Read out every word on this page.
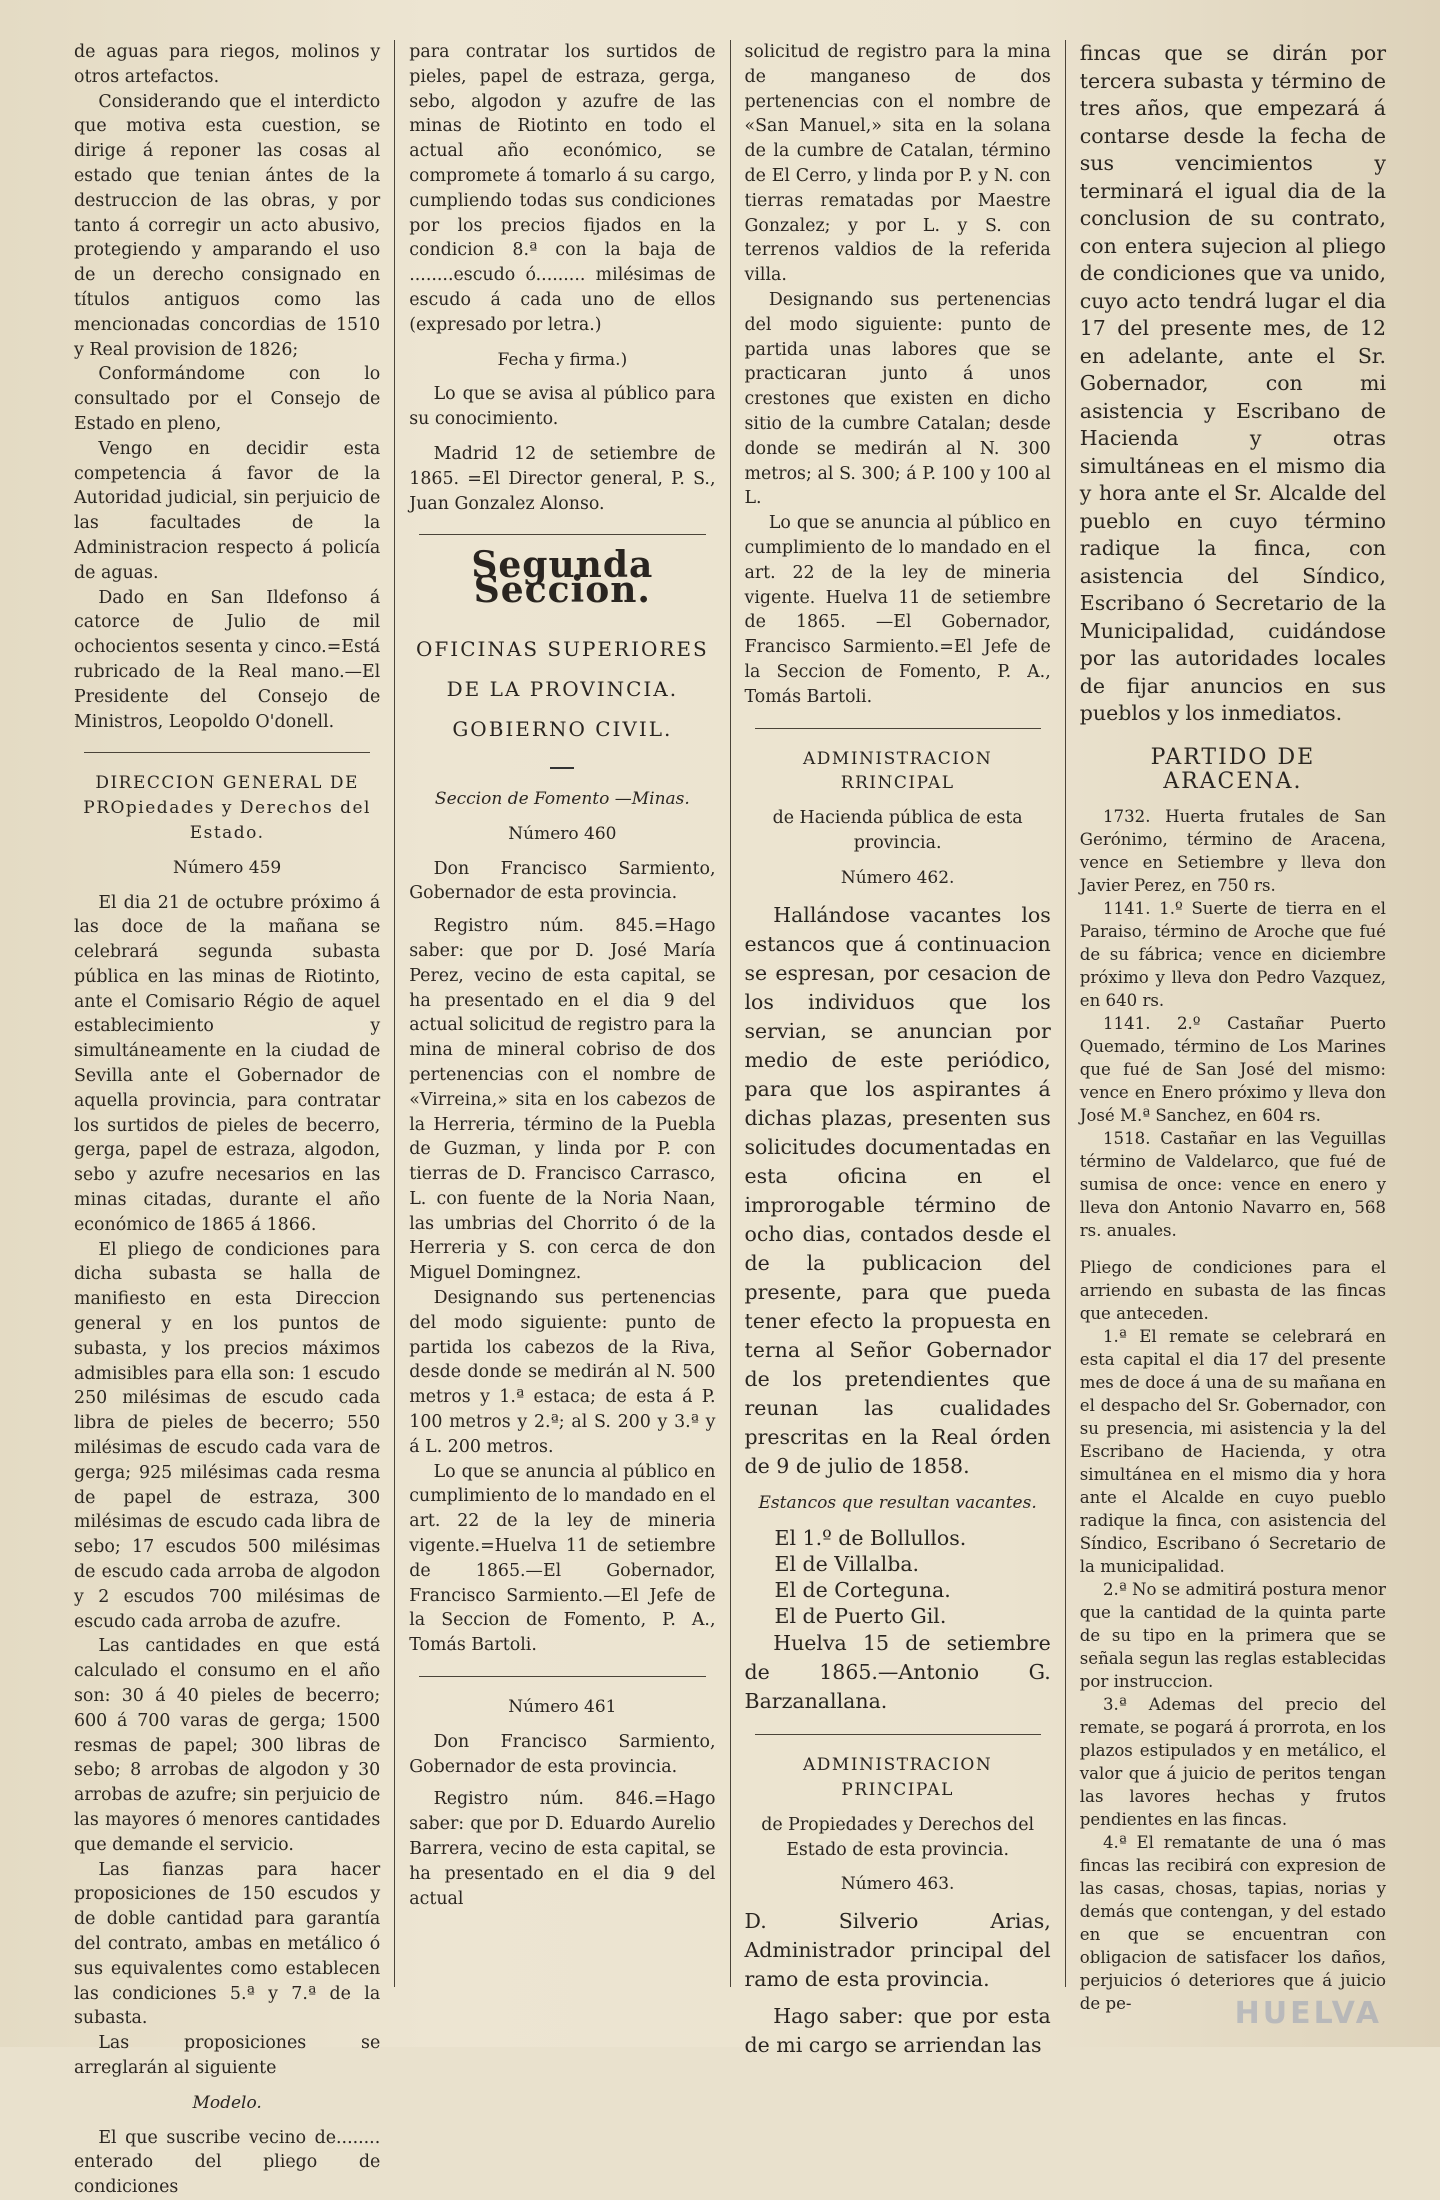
de aguas para riegos, molinos y otros artefactos.

Considerando que el interdicto que motiva esta cuestion, se dirige á reponer las cosas al estado que tenian ántes de la destruccion de las obras, y por tanto á corregir un acto abusivo, protegiendo y amparando el uso de un derecho consignado en títulos antiguos como las mencionadas concordias de 1510 y Real provision de 1826;

Conformándome con lo consultado por el Consejo de Estado en pleno,

Vengo en decidir esta competencia á favor de la Autoridad judicial, sin perjuicio de las facultades de la Administracion respecto á policía de aguas.

Dado en San Ildefonso á catorce de Julio de mil ochocientos sesenta y cinco.=Está rubricado de la Real mano.—El Presidente del Consejo de Ministros, Leopoldo O'donell.

DIRECCION GENERAL DE PROpiedades y Derechos del Estado.
Número 459

El dia 21 de octubre próximo á las doce de la mañana se celebrará segunda subasta pública en las minas de Riotinto, ante el Comisario Régio de aquel establecimiento y simultáneamente en la ciudad de Sevilla ante el Gobernador de aquella provincia, para contratar los surtidos de pieles de becerro, gerga, papel de estraza, algodon, sebo y azufre necesarios en las minas citadas, durante el año económico de 1865 á 1866.

El pliego de condiciones para dicha subasta se halla de manifiesto en esta Direccion general y en los puntos de subasta, y los precios máximos admisibles para ella son: 1 escudo 250 milésimas de escudo cada libra de pieles de becerro; 550 milésimas de escudo cada vara de gerga; 925 milésimas cada resma de papel de estraza, 300 milésimas de escudo cada libra de sebo; 17 escudos 500 milésimas de escudo cada arroba de algodon y 2 escudos 700 milésimas de escudo cada arroba de azufre.

Las cantidades en que está calculado el consumo en el año son: 30 á 40 pieles de becerro; 600 á 700 varas de gerga; 1500 resmas de papel; 300 libras de sebo; 8 arrobas de algodon y 30 arrobas de azufre; sin perjuicio de las mayores ó menores cantidades que demande el servicio.

Las fianzas para hacer proposiciones de 150 escudos y de doble cantidad para garantía del contrato, ambas en metálico ó sus equivalentes como establecen las condiciones 5.ª y 7.ª de la subasta.

Las proposiciones se arreglarán al siguiente

Modelo.

El que suscribe vecino de........ enterado del pliego de condiciones

para contratar los surtidos de pieles, papel de estraza, gerga, sebo, algodon y azufre de las minas de Riotinto en todo el actual año económico, se compromete á tomarlo á su cargo, cumpliendo todas sus condiciones por los precios fijados en la condicion 8.ª con la baja de ........escudo ó......... milésimas de escudo á cada uno de ellos (expresado por letra.)

Fecha y firma.)

Lo que se avisa al público para su conocimiento.

Madrid 12 de setiembre de 1865. =El Director general, P. S., Juan Gonzalez Alonso.

Segunda Seccion.
OFICINAS SUPERIORES DE LA PROVINCIA.
GOBIERNO CIVIL.
Seccion de Fomento —Minas.
Número 460

Don Francisco Sarmiento, Gobernador de esta provincia.

Registro núm. 845.=Hago saber: que por D. José María Perez, vecino de esta capital, se ha presentado en el dia 9 del actual solicitud de registro para la mina de mineral cobriso de dos pertenencias con el nombre de «Virreina,» sita en los cabezos de la Herreria, término de la Puebla de Guzman, y linda por P. con tierras de D. Francisco Carrasco, L. con fuente de la Noria Naan, las umbrias del Chorrito ó de la Herreria y S. con cerca de don Miguel Domingnez.

Designando sus pertenencias del modo siguiente: punto de partida los cabezos de la Riva, desde donde se medirán al N. 500 metros y 1.ª estaca; de esta á P. 100 metros y 2.ª; al S. 200 y 3.ª y á L. 200 metros.

Lo que se anuncia al público en cumplimiento de lo mandado en el art. 22 de la ley de mineria vigente.=Huelva 11 de setiembre de 1865.—El Gobernador, Francisco Sarmiento.—El Jefe de la Seccion de Fomento, P. A., Tomás Bartoli.

Número 461

Don Francisco Sarmiento, Gobernador de esta provincia.

Registro núm. 846.=Hago saber: que por D. Eduardo Aurelio Barrera, vecino de esta capital, se ha presentado en el dia 9 del actual

solicitud de registro para la mina de manganeso de dos pertenencias con el nombre de «San Manuel,» sita en la solana de la cumbre de Catalan, término de El Cerro, y linda por P. y N. con tierras rematadas por Maestre Gonzalez; y por L. y S. con terrenos valdios de la referida villa.

Designando sus pertenencias del modo siguiente: punto de partida unas labores que se practicaran junto á unos crestones que existen en dicho sitio de la cumbre Catalan; desde donde se medirán al N. 300 metros; al S. 300; á P. 100 y 100 al L.

Lo que se anuncia al público en cumplimiento de lo mandado en el art. 22 de la ley de mineria vigente. Huelva 11 de setiembre de 1865. —El Gobernador, Francisco Sarmiento.=El Jefe de la Seccion de Fomento, P. A., Tomás Bartoli.

ADMINISTRACION RRINCIPAL
de Hacienda pública de esta provincia.
Número 462.

Hallándose vacantes los estancos que á continuacion se espresan, por cesacion de los individuos que los servian, se anuncian por medio de este periódico, para que los aspirantes á dichas plazas, presenten sus solicitudes documentadas en esta oficina en el improrogable término de ocho dias, contados desde el de la publicacion del presente, para que pueda tener efecto la propuesta en terna al Señor Gobernador de los pretendientes que reunan las cualidades prescritas en la Real órden de 9 de julio de 1858.

Estancos que resultan vacantes.
El 1.º de Bollullos.
El de Villalba.
El de Corteguna.
El de Puerto Gil.

Huelva 15 de setiembre de 1865.—Antonio G. Barzanallana.

ADMINISTRACION PRINCIPAL
de Propiedades y Derechos del Estado de esta provincia.
Número 463.

D. Silverio Arias, Administrador principal del ramo de esta provincia.

Hago saber: que por esta de mi cargo se arriendan las

fincas que se dirán por tercera subasta y término de tres años, que empezará á contarse desde la fecha de sus vencimientos y terminará el igual dia de la conclusion de su contrato, con entera sujecion al pliego de condiciones que va unido, cuyo acto tendrá lugar el dia 17 del presente mes, de 12 en adelante, ante el Sr. Gobernador, con mi asistencia y Escribano de Hacienda y otras simultáneas en el mismo dia y hora ante el Sr. Alcalde del pueblo en cuyo término radique la finca, con asistencia del Síndico, Escribano ó Secretario de la Municipalidad, cuidándose por las autoridades locales de fijar anuncios en sus pueblos y los inmediatos.

PARTIDO DE ARACENA.

1732. Huerta frutales de San Gerónimo, término de Aracena, vence en Setiembre y lleva don Javier Perez, en 750 rs.

1141. 1.º Suerte de tierra en el Paraiso, término de Aroche que fué de su fábrica; vence en diciembre próximo y lleva don Pedro Vazquez, en 640 rs.

1141. 2.º Castañar Puerto Quemado, término de Los Marines que fué de San José del mismo: vence en Enero próximo y lleva don José M.ª Sanchez, en 604 rs.

1518. Castañar en las Veguillas término de Valdelarco, que fué de sumisa de once: vence en enero y lleva don Antonio Navarro en, 568 rs. anuales.

Pliego de condiciones para el arriendo en subasta de las fincas que anteceden.

1.ª El remate se celebrará en esta capital el dia 17 del presente mes de doce á una de su mañana en el despacho del Sr. Gobernador, con su presencia, mi asistencia y la del Escribano de Hacienda, y otra simultánea en el mismo dia y hora ante el Alcalde en cuyo pueblo radique la finca, con asistencia del Síndico, Escribano ó Secretario de la municipalidad.

2.ª No se admitirá postura menor que la cantidad de la quinta parte de su tipo en la primera que se señala segun las reglas establecidas por instruccion.

3.ª Ademas del precio del remate, se pogará á prorrota, en los plazos estipulados y en metálico, el valor que á juicio de peritos tengan las lavores hechas y frutos pendientes en las fincas.

4.ª El rematante de una ó mas fincas las recibirá con expresion de las casas, chosas, tapias, norias y demás que contengan, y del estado en que se encuentran con obligacion de satisfacer los daños, perjuicios ó deteriores que á juicio de pe-	HUELVA
